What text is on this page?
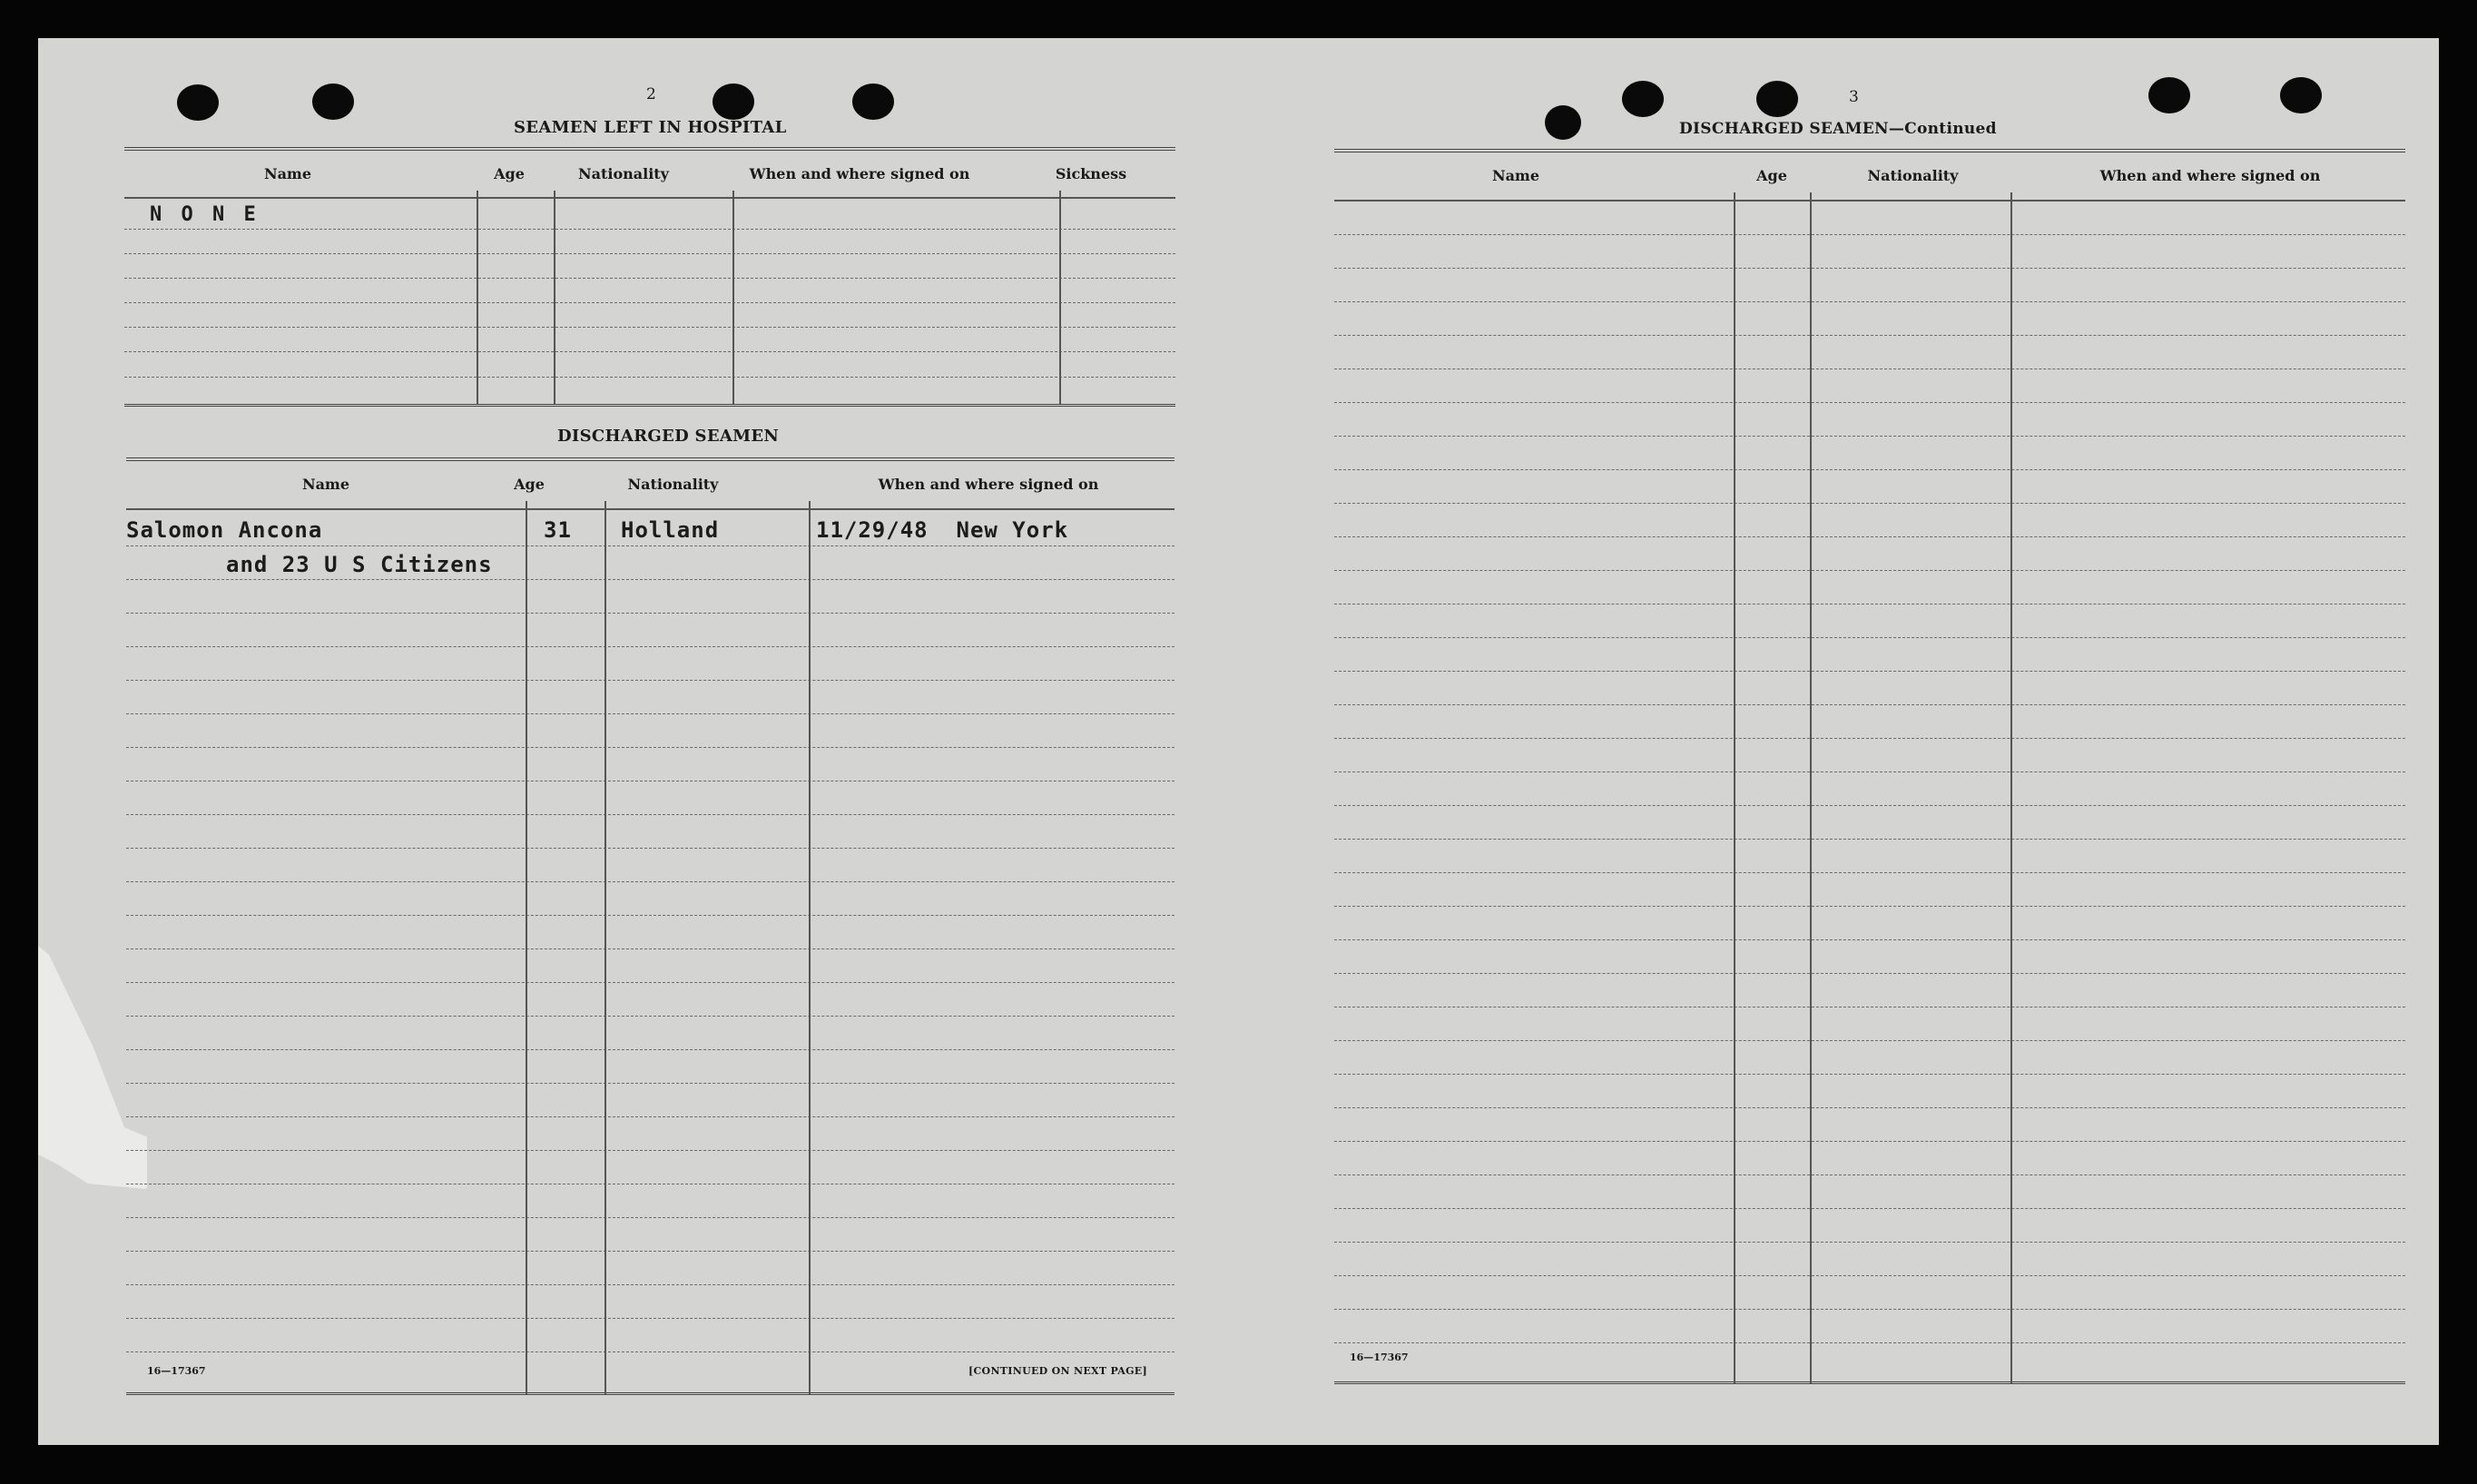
2
SEAMEN LEFT IN HOSPITAL
Name	Age	Nationality	When and where signed on	Sickness
N O N E
DISCHARGED SEAMEN
Name	Age	Nationality	When and where signed on
Salomon Ancona	31 Holland	11/29/48  New York
and 23 U S Citizens
16—17367	[CONTINUED ON NEXT PAGE]
3
DISCHARGED SEAMEN—Continued
Name	Age	Nationality	When and where signed on
16—17367
